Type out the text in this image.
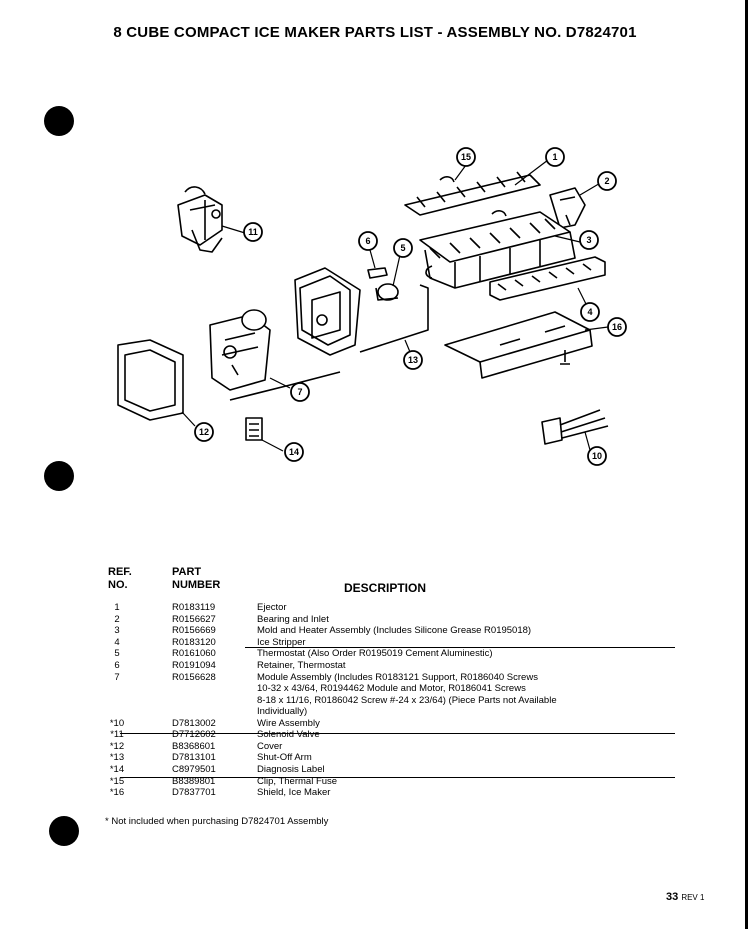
8 CUBE COMPACT ICE MAKER PARTS LIST - ASSEMBLY NO. D7824701
15	1
2
11
6
5
3
4
16
13
7
12
14	10
REF.
NO.
PART
NUMBER	DESCRIPTION
1	R0183119	Ejector
2	R0156627	Bearing and Inlet
3	R0156669	Mold and Heater Assembly (Includes Silicone Grease R0195018)
4	R0183120	Ice Stripper
5	R0161060	Thermostat (Also Order R0195019 Cement Aluminestic)
6	R0191094	Retainer, Thermostat
7	R0156628	Module Assembly (Includes R0183121 Support, R0186040 Screws
10-32 x 43/64, R0194462 Module and Motor, R0186041 Screws
8-18 x 11/16, R0186042 Screw #-24 x 23/64) (Piece Parts not Available
Individually)
*10	D7813002	Wire Assembly
*11	D7712602	Solenoid Valve
*12	B8368601	Cover
*13	D7813101	Shut-Off Arm
*14	C8979501	Diagnosis Label
*15	B8389801	Clip, Thermal Fuse
*16	D7837701	Shield, Ice Maker
* Not included when purchasing D7824701 Assembly
33 REV 1
